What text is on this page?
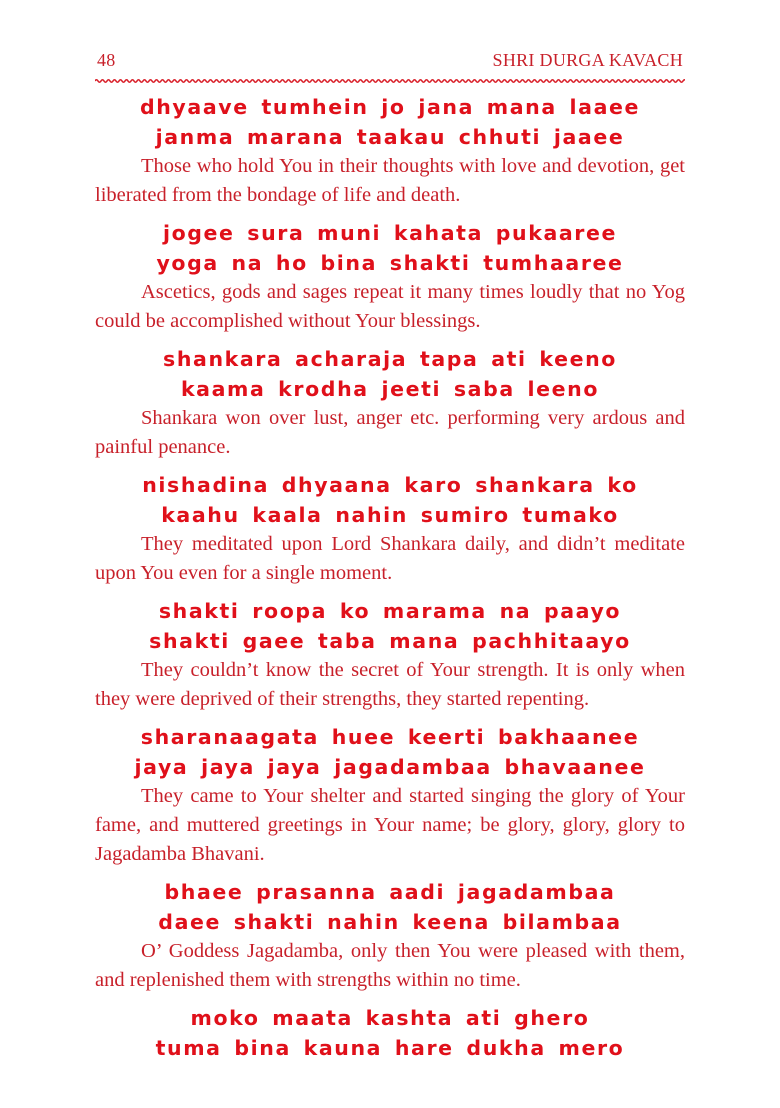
48	SHRI DURGA KAVACH

dhyaave tumhein jo jana mana laaee
janma marana taakau chhuti jaaee

Those who hold You in their thoughts with love and devotion, get liberated from the bondage of life and death.

jogee sura muni kahata pukaaree
yoga na ho bina shakti tumhaaree

Ascetics, gods and sages repeat it many times loudly that no Yog could be accomplished without Your blessings.

shankara acharaja tapa ati keeno
kaama krodha jeeti saba leeno

Shankara won over lust, anger etc. performing very ardous and painful penance.

nishadina dhyaana karo shankara ko
kaahu kaala nahin sumiro tumako

They meditated upon Lord Shankara daily, and didn’t meditate upon You even for a single moment.

shakti roopa ko marama na paayo
shakti gaee taba mana pachhitaayo

They couldn’t know the secret of Your strength. It is only when they were deprived of their strengths, they started repenting.

sharanaagata huee keerti bakhaanee
jaya jaya jaya jagadambaa bhavaanee

They came to Your shelter and started singing the glory of Your fame, and muttered greetings in Your name; be glory, glory, glory to Jagadamba Bhavani.

bhaee prasanna aadi jagadambaa
daee shakti nahin keena bilambaa

O’ Goddess Jagadamba, only then You were pleased with them, and replenished them with strengths within no time.

moko maata kashta ati ghero
tuma bina kauna hare dukha mero
